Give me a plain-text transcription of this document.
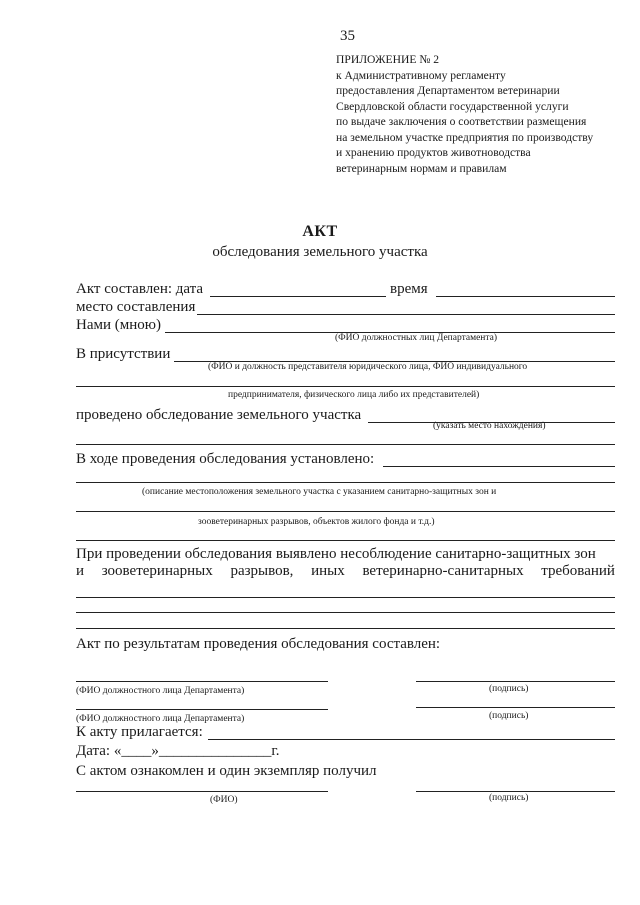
35
ПРИЛОЖЕНИЕ № 2
к Административному регламенту
предоставления Департаментом ветеринарии
Свердловской области государственной услуги
по выдаче заключения о соответствии размещения
на земельном участке предприятия по производству
и хранению продуктов животноводства
ветеринарным нормам и правилам
АКТ
обследования земельного участка
Акт составлен: дата	время
место составления
Нами (мною)
(ФИО должностных лиц Департамента)
В присутствии
(ФИО и должность представителя юридического лица, ФИО индивидуального
предпринимателя, физического лица либо их представителей)
проведено обследование земельного участка
(указать место нахождения)
В ходе проведения обследования установлено:
(описание местоположения земельного участка с указанием санитарно-защитных зон и
зооветеринарных разрывов, объектов жилого фонда и т.д.)
При проведении обследования выявлено несоблюдение санитарно-защитных зон
и зооветеринарных разрывов, иных ветеринарно-санитарных требований
Акт по результатам проведения обследования составлен:
(ФИО должностного лица Департамента)	(подпись)
(ФИО должностного лица Департамента)	(подпись)
К акту прилагается:
Дата: «____»_______________г.
С актом ознакомлен и один экземпляр получил
(ФИО)	(подпись)
